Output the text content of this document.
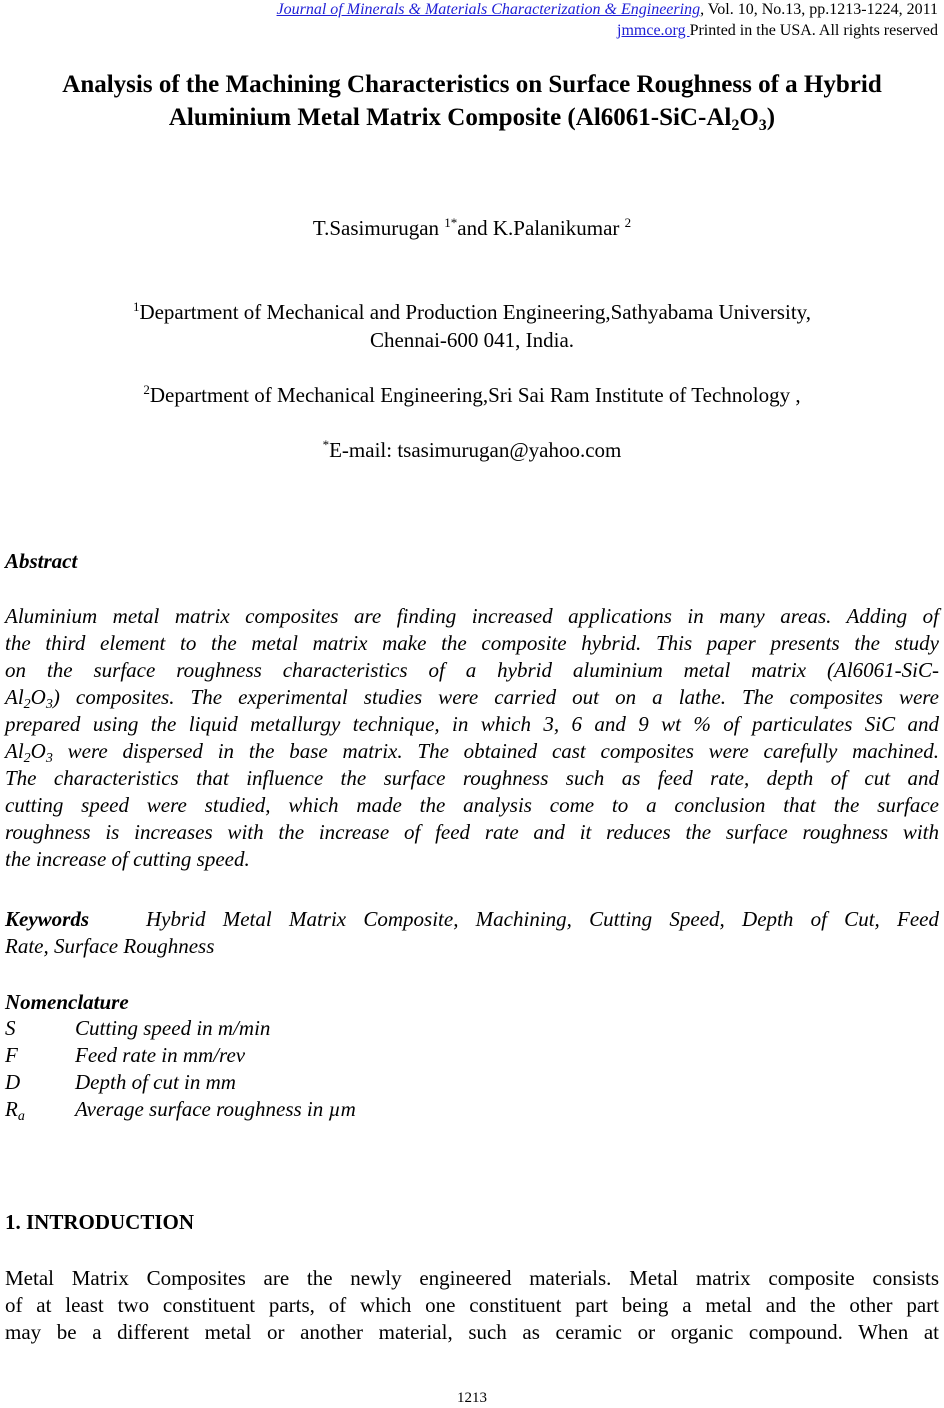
Journal of Minerals & Materials Characterization & Engineering, Vol. 10, No.13, pp.1213-1224, 2011
jmmce.org Printed in the USA. All rights reserved
Analysis of the Machining Characteristics on Surface Roughness of a Hybrid
Aluminium Metal Matrix Composite $(Al6061-SiC-Al_2O_3)$
T.Sasimurugan $^{1*}$and K.Palanikumar $^2$
$^1$Department of Mechanical and Production Engineering,Sathyabama University,
Chennai-600 041, India.
$^2$Department of Mechanical Engineering,Sri Sai Ram Institute of Technology ,
*E-mail: tsasimurugan@yahoo.com
Abstract
Aluminium metal matrix composites are finding increased applications in many areas. Adding of
the third element to the metal matrix make the composite hybrid. This paper presents the study
on the surface roughness characteristics of a hybrid aluminium metal matrix (Al6061-SiC-
$Al_2O_3$) composites. The experimental studies were carried out on a lathe. The composites were
prepared using the liquid metallurgy technique, in which 3, 6 and 9 wt % of particulates SiC and
$Al_2O_3$ were dispersed in the base matrix. The obtained cast composites were carefully machined.
The characteristics that influence the surface roughness such as feed rate, depth of cut and
cutting speed were studied, which made the analysis come to a conclusion that the surface
roughness is increases with the increase of feed rate and it reduces the surface roughness with
the increase of cutting speed.
Keywords	Hybrid Metal Matrix Composite, Machining, Cutting Speed, Depth of Cut, Feed
Rate, Surface Roughness
Nomenclature
S	Cutting speed in m/min
F	Feed rate in mm/rev
D	Depth of cut in mm
$R_a$ Average surface roughness in µm
1. INTRODUCTION
Metal Matrix Composites are the newly engineered materials. Metal matrix composite consists
of at least two constituent parts, of which one constituent part being a metal and the other part
may be a different metal or another material, such as ceramic or organic compound. When at
1213
